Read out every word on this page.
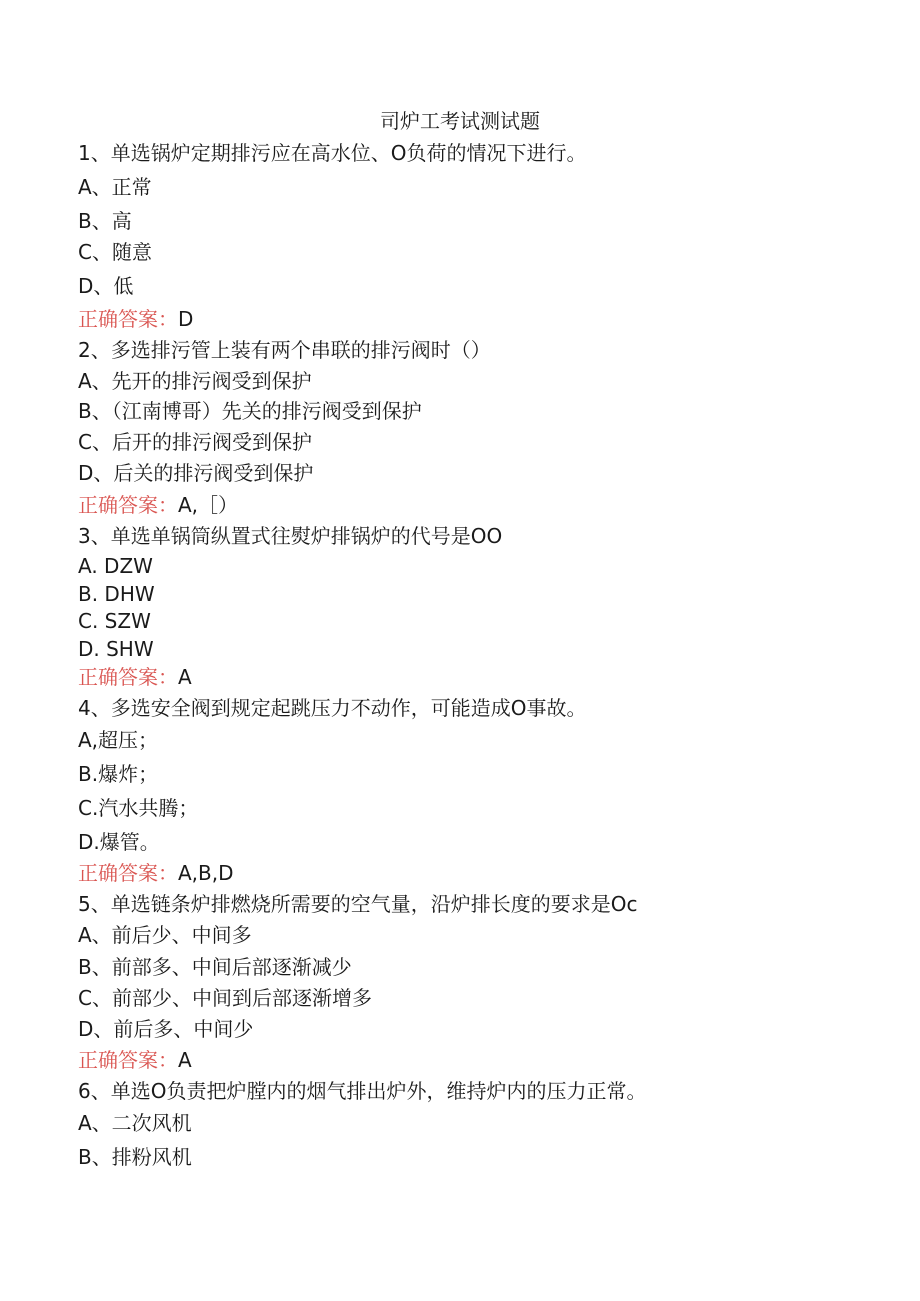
司炉工考试测试题
1、单选锅炉定期排污应在高水位、O负荷的情况下进行。
A、正常
B、高
C、随意
D、低
正确答案：D
2、多选排污管上装有两个串联的排污阀时（）
A、先开的排污阀受到保护
B、（江南博哥）先关的排污阀受到保护
C、后开的排污阀受到保护
D、后关的排污阀受到保护
正确答案：A,［）
3、单选单锅筒纵置式往熨炉排锅炉的代号是OO
A. DZW
B. DHW
C. SZW
D. SHW
正确答案：A
4、多选安全阀到规定起跳压力不动作，可能造成O事故。
A,超压；
B.爆炸；
C.汽水共腾；
D.爆管。
正确答案：A,B,D
5、单选链条炉排燃烧所需要的空气量，沿炉排长度的要求是Oc
A、前后少、中间多
B、前部多、中间后部逐渐减少
C、前部少、中间到后部逐渐增多
D、前后多、中间少
正确答案：A
6、单选O负责把炉膛内的烟气排出炉外，维持炉内的压力正常。
A、二次风机
B、排粉风机
